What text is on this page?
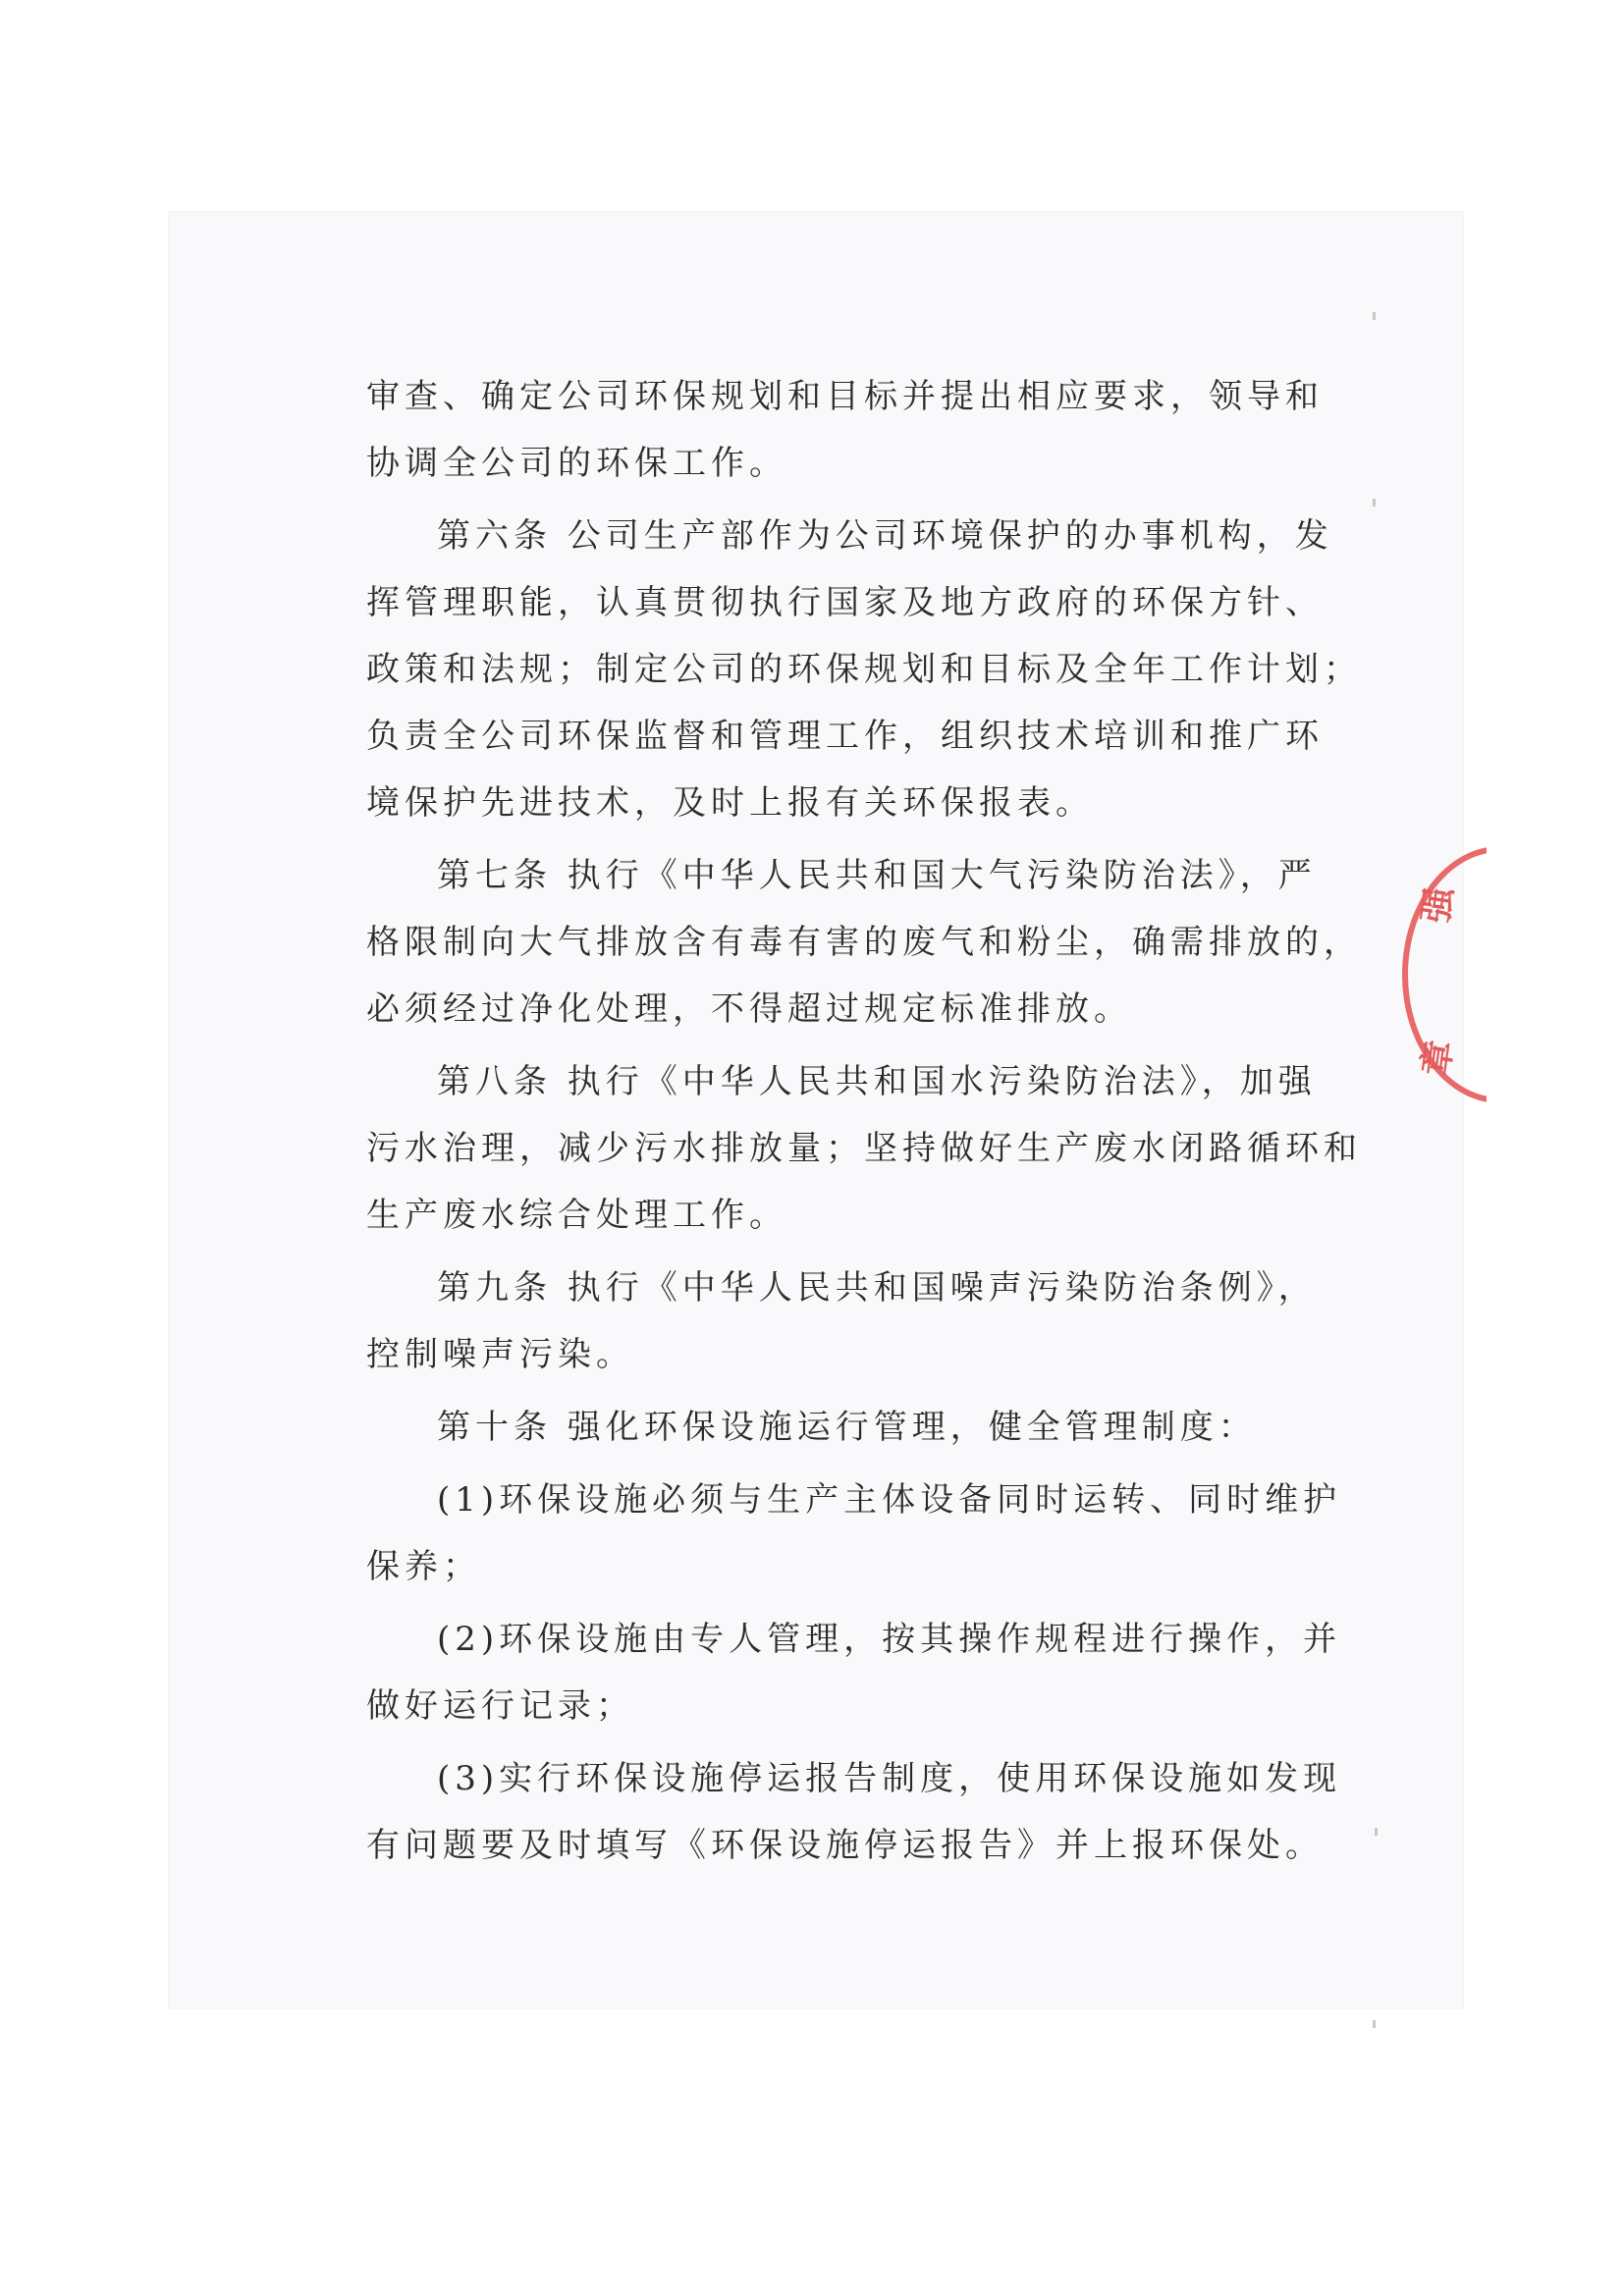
审查、确定公司环保规划和目标并提出相应要求，领导和
协调全公司的环保工作。
第六条 公司生产部作为公司环境保护的办事机构，发
挥管理职能，认真贯彻执行国家及地方政府的环保方针、
政策和法规；制定公司的环保规划和目标及全年工作计划；
负责全公司环保监督和管理工作，组织技术培训和推广环
境保护先进技术，及时上报有关环保报表。
第七条 执行《中华人民共和国大气污染防治法》，严
格限制向大气排放含有毒有害的废气和粉尘，确需排放的，
必须经过净化处理，不得超过规定标准排放。
第八条 执行《中华人民共和国水污染防治法》，加强
污水治理，减少污水排放量；坚持做好生产废水闭路循环和
生产废水综合处理工作。
第九条 执行《中华人民共和国噪声污染防治条例》，
控制噪声污染。
第十条 强化环保设施运行管理，健全管理制度：
(1)环保设施必须与生产主体设备同时运转、同时维护
保养；
(2)环保设施由专人管理，按其操作规程进行操作，并
做好运行记录；
(3)实行环保设施停运报告制度，使用环保设施如发现
有问题要及时填写《环保设施停运报告》并上报环保处。
强
章
